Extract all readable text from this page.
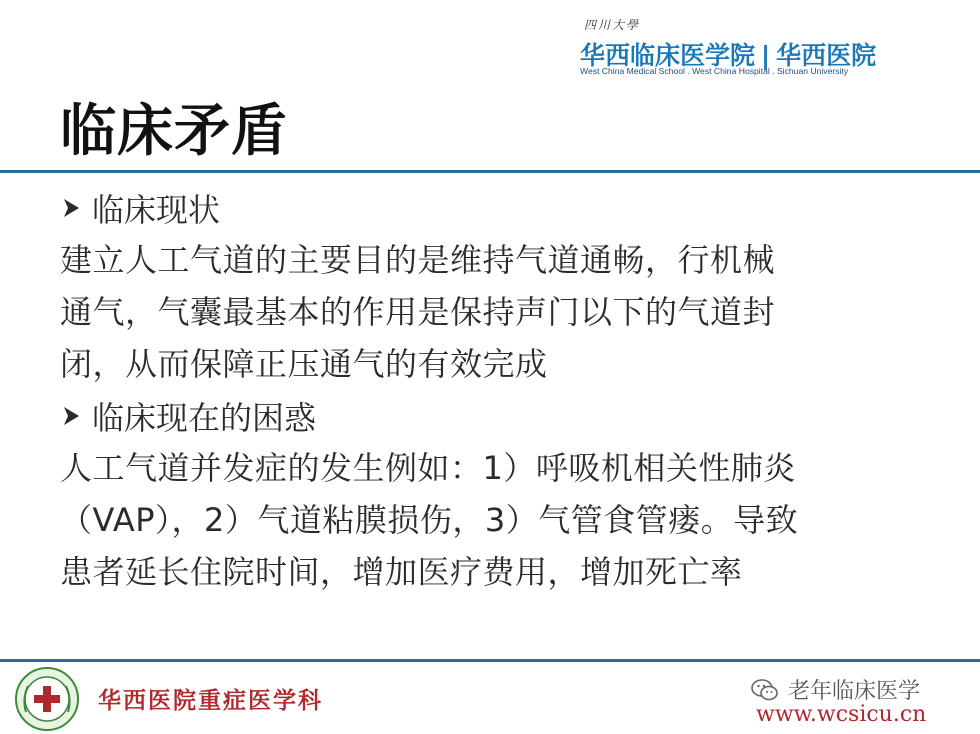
四川大學
华西临床医学院 | 华西医院
West China Medical School . West China Hospital . Sichuan University
临床矛盾
临床现状
建立人工气道的主要目的是维持气道通畅，行机械
通气，气囊最基本的作用是保持声门以下的气道封
闭，从而保障正压通气的有效完成
临床现在的困惑
人工气道并发症的发生例如：1）呼吸机相关性肺炎
（VAP），2）气道粘膜损伤，3）气管食管瘘。导致
患者延长住院时间，增加医疗费用，增加死亡率
华西医院重症医学科	老年临床医学
www.wcsicu.cn
